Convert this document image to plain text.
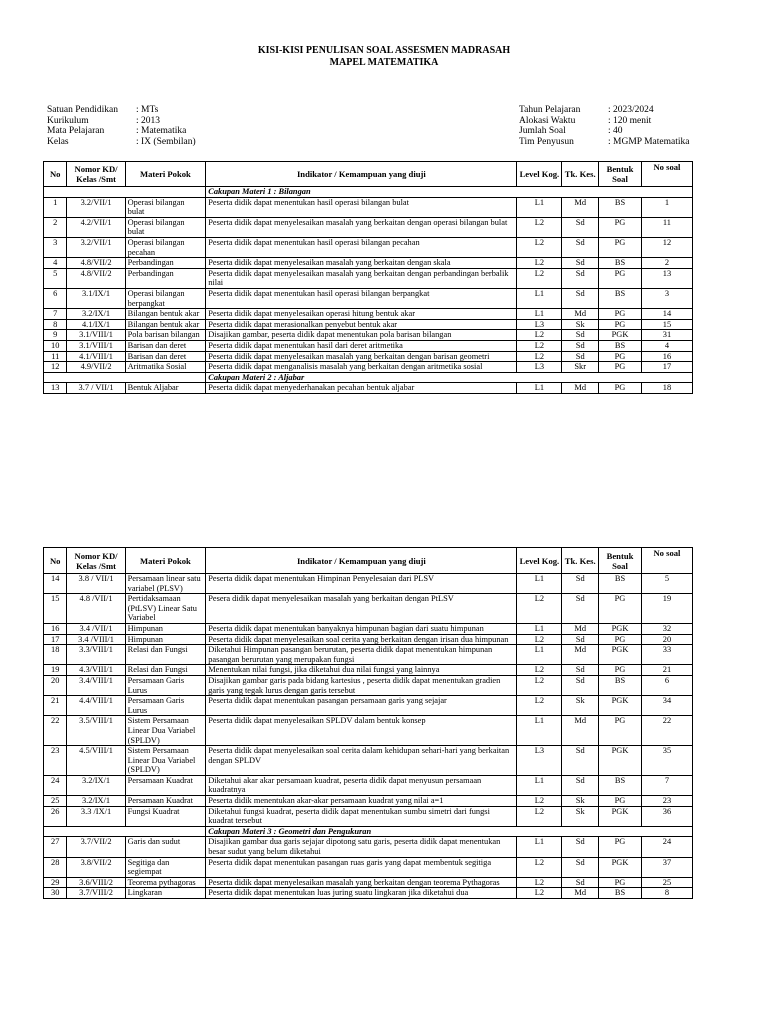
KISI-KISI PENULISAN SOAL ASSESMEN MADRASAH
MAPEL MATEMATIKA
Satuan Pendidikan	: MTs
Kurikulum	: 2013
Mata Pelajaran	: Matematika
Kelas	: IX (Sembilan)
Tahun Pelajaran	: 2023/2024
Alokasi Waktu	: 120 menit
Jumlah Soal	: 40
Tim Penyusun	: MGMP Matematika
No	Nomor KD/ Kelas /Smt	Materi Pokok	Indikator / Kemampuan yang diuji	Level Kog.	Tk. Kes.	Bentuk Soal	No soal
			Cakupan Materi 1 : Bilangan				
1	3.2/VII/1	Operasi bilangan bulat	Peserta didik dapat menentukan hasil operasi bilangan bulat	L1	Md	BS	1
2	4.2/VII/1	Operasi bilangan bulat	Peserta didik dapat menyelesaikan masalah yang berkaitan dengan operasi bilangan bulat	L2	Sd	PG	11
3	3.2/VII/1	Operasi bilangan pecahan	Peserta didik dapat menentukan hasil operasi bilangan pecahan	L2	Sd	PG	12
4	4.8/VII/2	Perbandingan	Peserta didik dapat menyelesaikan masalah yang berkaitan dengan skala	L2	Sd	BS	2
5	4.8/VII/2	Perbandingan	Peserta didik dapat menyelesaikan masalah yang berkaitan dengan perbandingan berbalik nilai	L2	Sd	PG	13
6	3.1/IX/1	Operasi bilangan berpangkat	Peserta didik dapat menentukan hasil operasi bilangan berpangkat	L1	Sd	BS	3
7	3.2/IX/1	Bilangan bentuk akar	Peserta didik dapat menyelesaikan operasi hitung bentuk akar	L1	Md	PG	14
8	4.1/IX/1	Bilangan bentuk akar	Peserta didik dapat merasionalkan penyebut bentuk akar	L3	Sk	PG	15
9	3.1/VIII/1	Pola barisan bilangan	Disajikan gambar, peserta didik dapat menentukan pola barisan bilangan	L2	Sd	PGK	31
10	3.1/VIII/1	Barisan dan deret	Peserta didik dapat menentukan hasil dari deret aritmetika	L2	Sd	BS	4
11	4.1/VIII/1	Barisan dan deret	Peserta didik dapat menyelesaikan masalah yang berkaitan dengan barisan geometri	L2	Sd	PG	16
12	4.9/VII/2	Aritmatika Sosial	Peserta didik dapat menganalisis masalah yang berkaitan dengan aritmetika sosial	L3	Skr	PG	17
			Cakupan Materi 2 : Aljabar				
13	3.7 / VII/1	Bentuk Aljabar	Peserta didik dapat menyederhanakan pecahan bentuk aljabar	L1	Md	PG	18
No	Nomor KD/ Kelas /Smt	Materi Pokok	Indikator / Kemampuan yang diuji	Level Kog.	Tk. Kes.	Bentuk Soal	No soal
14	3.8 / VII/1	Persamaan linear satu variabel (PLSV)	Peserta didik dapat menentukan Himpinan Penyelesaian dari PLSV	L1	Sd	BS	5
15	4.8 /VII/1	Pertidaksamaan (PtLSV) Linear Satu Variabel	Pesera didik dapat menyelesaikan masalah yang berkaitan dengan PtLSV	L2	Sd	PG	19
16	3.4 /VII/1	Himpunan	Peserta didik dapat menentukan banyaknya himpunan bagian dari suatu himpunan	L1	Md	PGK	32
17	3.4 /VIII/1	Himpunan	Peserta didik dapat menyelesaikan soal cerita yang berkaitan dengan irisan dua himpunan	L2	Sd	PG	20
18	3.3/VIII/1	Relasi dan Fungsi	Diketahui Himpunan pasangan berurutan, peserta didik dapat menentukan himpunan pasangan berurutan yang merupakan fungsi	L1	Md	PGK	33
19	4.3/VIII/1	Relasi dan Fungsi	Menentukan nilai fungsi, jika diketahui dua nilai fungsi yang lainnya	L2	Sd	PG	21
20	3.4/VIII/1	Persamaan Garis Lurus	Disajikan gambar garis pada bidang kartesius , peserta didik dapat menentukan gradien garis yang tegak lurus dengan garis tersebut	L2	Sd	BS	6
21	4.4/VIII/1	Persamaan Garis Lurus	Peserta didik dapat menentukan pasangan persamaan garis yang sejajar	L2	Sk	PGK	34
22	3.5/VIII/1	Sistem Persamaan Linear Dua Variabel (SPLDV)	Peserta didik dapat menyelesaikan SPLDV dalam bentuk konsep	L1	Md	PG	22
23	4.5/VIII/1	Sistem Persamaan Linear Dua Variabel (SPLDV)	Peserta didik dapat menyelesaikan soal cerita dalam kehidupan sehari-hari yang berkaitan dengan SPLDV	L3	Sd	PGK	35
24	3.2/IX/1	Persamaan Kuadrat	Diketahui akar akar persamaan kuadrat, peserta didik dapat menyusun persamaan kuadratnya	L1	Sd	BS	7
25	3.2/IX/1	Persamaan Kuadrat	Peserta didik menentukan akar-akar persamaan kuadrat yang nilai a=1	L2	Sk	PG	23
26	3.3 /IX/1	Fungsi Kuadrat	Diketahui fungsi kuadrat, peserta didik dapat menentukan sumbu simetri dari fungsi kuadrat tersebut	L2	Sk	PGK	36
			Cakupan Materi 3 : Geometri dan Pengukuran				
27	3.7/VII/2	Garis dan sudut	Disajikan gambar dua garis sejajar dipotong satu garis, peserta didik dapat menentukan besar sudut yang belum diketahui	L1	Sd	PG	24
28	3.8/VII/2	Segitiga dan segiempat	Peserta didik dapat menentukan pasangan ruas garis yang dapat membentuk segitiga	L2	Sd	PGK	37
29	3.6/VIII/2	Teorema pythagoras	Peserta didik dapat menyelesaikan masalah yang berkaitan dengan teorema Pythagoras	L2	Sd	PG	25
30	3.7/VIII/2	Lingkaran	Peserta didik dapat menentukan luas juring suatu lingkaran jika diketahui dua	L2	Md	BS	8
